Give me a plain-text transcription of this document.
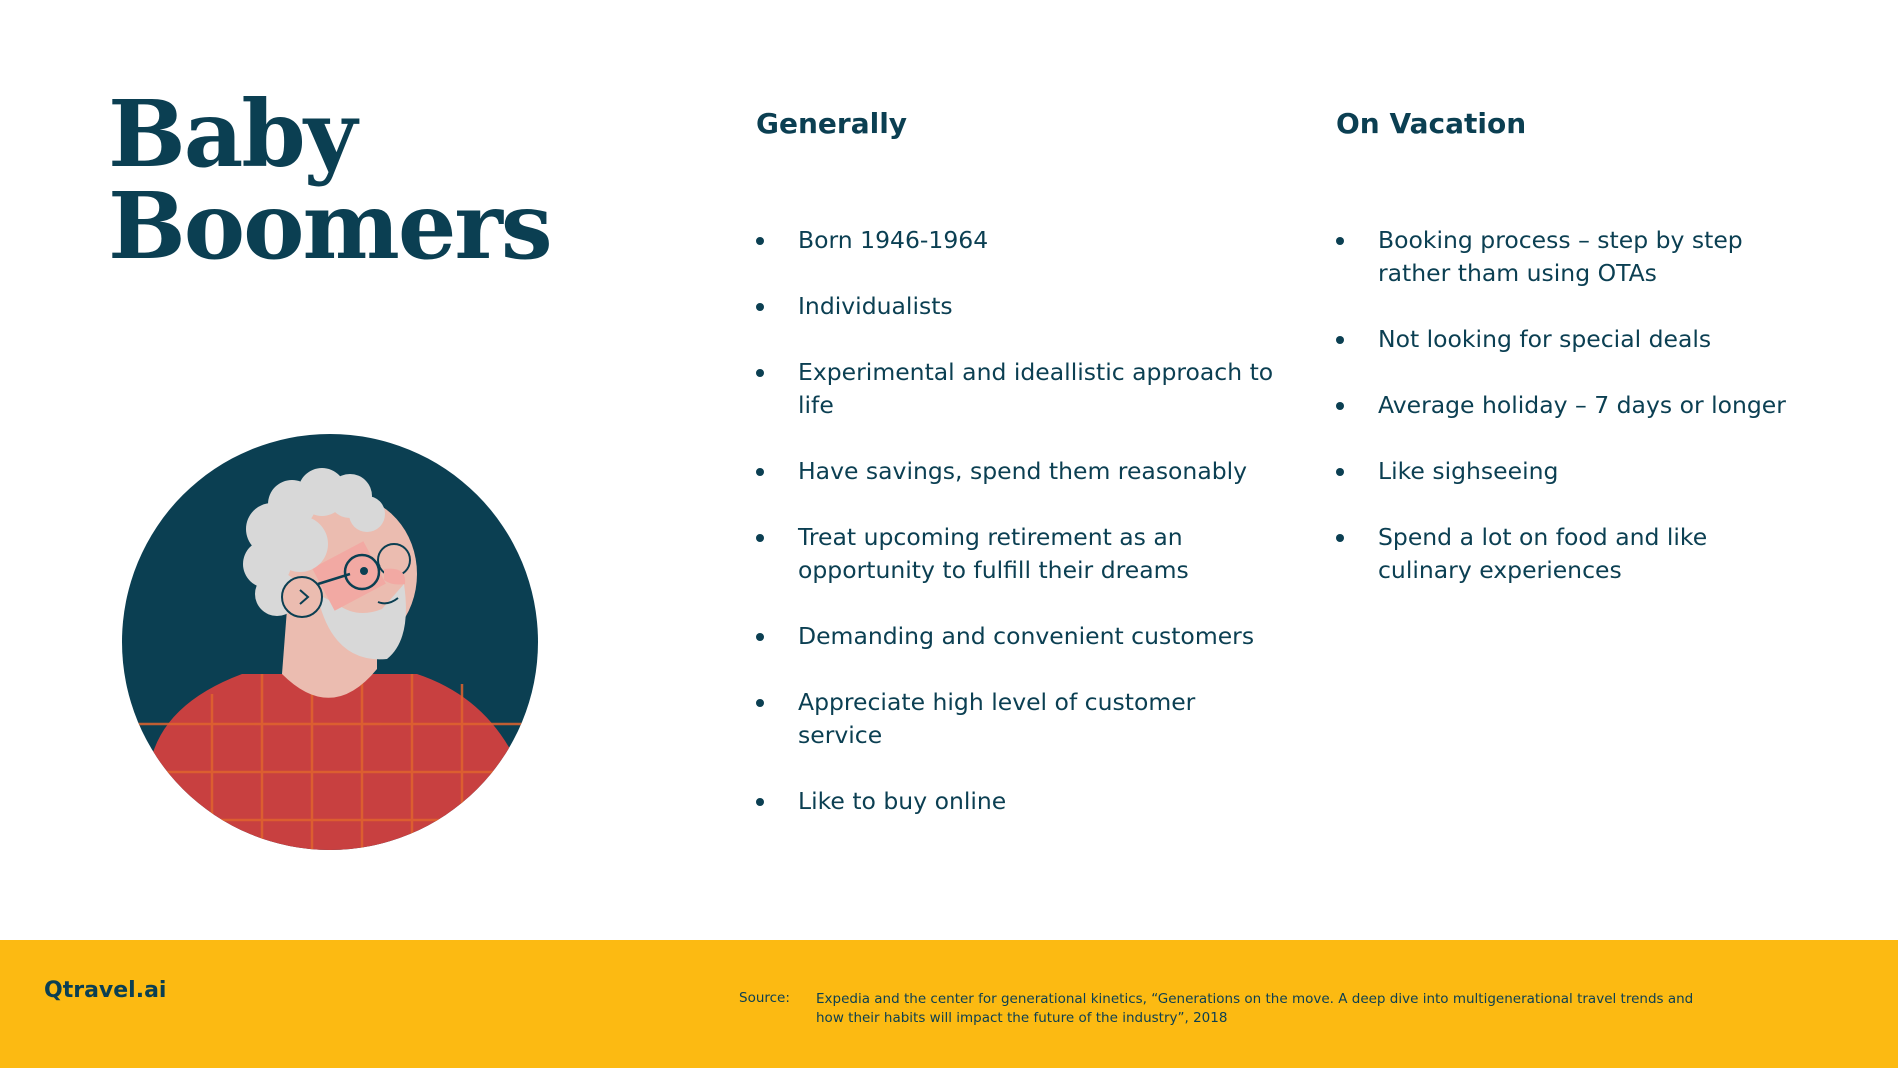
Baby
Boomers
Generally
Born 1946-1964
Individualists
Experimental and ideallistic approach to life
Have savings, spend them reasonably
Treat upcoming retirement as an opportunity to fulfill their dreams
Demanding and convenient customers
Appreciate high level of customer service
Like to buy online
On Vacation
Booking process – step by step rather tham using OTAs
Not looking for special deals
Average holiday – 7 days or longer
Like sighseeing
Spend a lot on food and like culinary experiences
Qtravel.ai	Source: Expedia and the center for generational kinetics, “Generations on the move. A deep dive into multigenerational travel trends and how their habits will impact the future of the industry”, 2018
